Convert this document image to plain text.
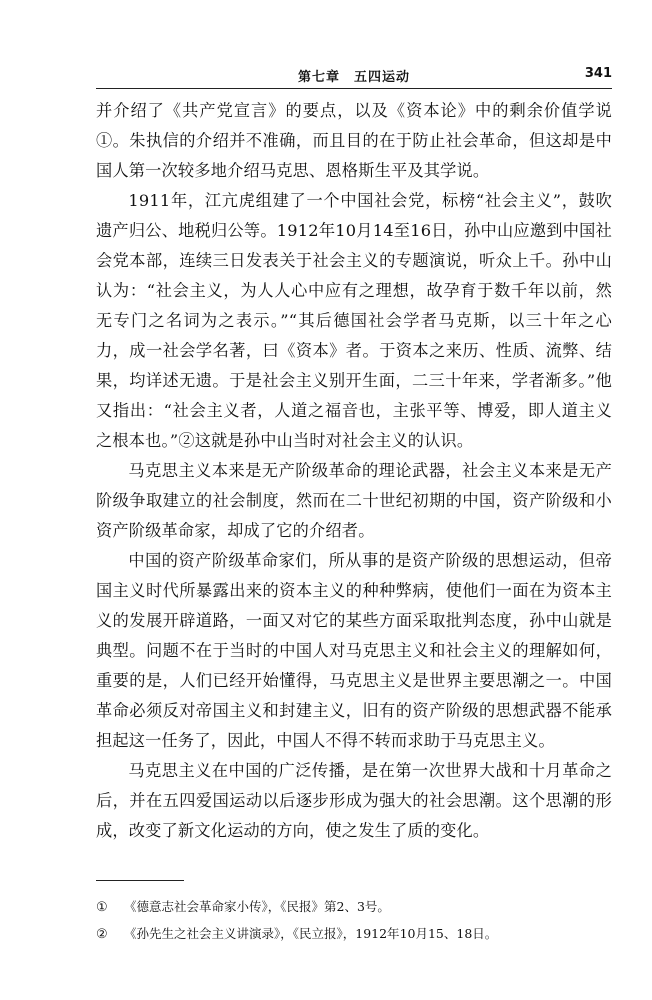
第七章　五四运动	341

并介绍了《共产党宣言》的要点，以及《资本论》中的剩余价值学说①。朱执信的介绍并不准确，而且目的在于防止社会革命，但这却是中国人第一次较多地介绍马克思、恩格斯生平及其学说。

1911年，江亢虎组建了一个中国社会党，标榜“社会主义”，鼓吹遗产归公、地税归公等。1912年10月14至16日，孙中山应邀到中国社会党本部，连续三日发表关于社会主义的专题演说，听众上千。孙中山认为：“社会主义，为人人心中应有之理想，故孕育于数千年以前，然无专门之名词为之表示。”“其后德国社会学者马克斯，以三十年之心力，成一社会学名著，曰《资本》者。于资本之来历、性质、流弊、结果，均详述无遗。于是社会主义别开生面，二三十年来，学者渐多。”他又指出：“社会主义者，人道之福音也，主张平等、博爱，即人道主义之根本也。”②这就是孙中山当时对社会主义的认识。

马克思主义本来是无产阶级革命的理论武器，社会主义本来是无产阶级争取建立的社会制度，然而在二十世纪初期的中国，资产阶级和小资产阶级革命家，却成了它的介绍者。

中国的资产阶级革命家们，所从事的是资产阶级的思想运动，但帝国主义时代所暴露出来的资本主义的种种弊病，使他们一面在为资本主义的发展开辟道路，一面又对它的某些方面采取批判态度，孙中山就是典型。问题不在于当时的中国人对马克思主义和社会主义的理解如何，重要的是，人们已经开始懂得，马克思主义是世界主要思潮之一。中国革命必须反对帝国主义和封建主义，旧有的资产阶级的思想武器不能承担起这一任务了，因此，中国人不得不转而求助于马克思主义。

马克思主义在中国的广泛传播，是在第一次世界大战和十月革命之后，并在五四爱国运动以后逐步形成为强大的社会思潮。这个思潮的形成，改变了新文化运动的方向，使之发生了质的变化。

①	《德意志社会革命家小传》，《民报》第2、3号。
②	《孙先生之社会主义讲演录》，《民立报》，1912年10月15、18日。
